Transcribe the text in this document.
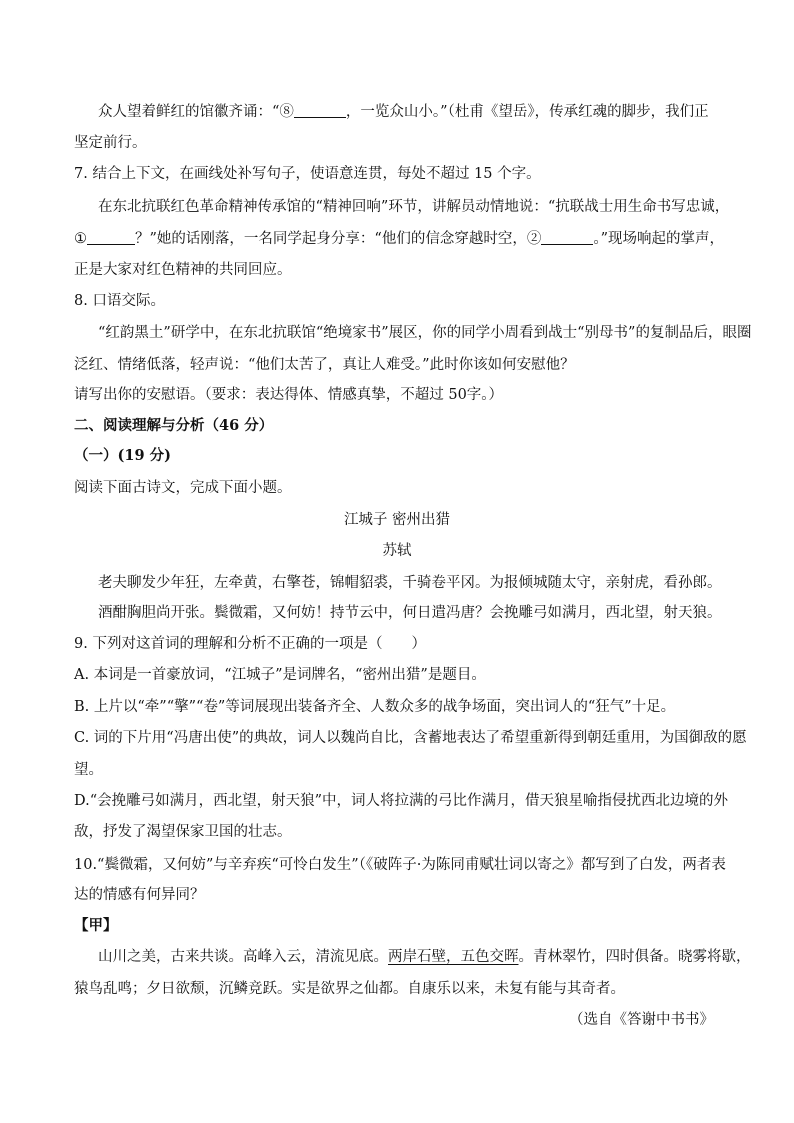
众人望着鲜红的馆徽齐诵：“⑧	，一览众山小。”（杜甫《望岳》，传承红魂的脚步，我们正
坚定前行。
7. 结合上下文，在画线处补写句子，使语意连贯，每处不超过 15 个字。
在东北抗联红色革命精神传承馆的“精神回响”环节，讲解员动情地说：“抗联战士用生命书写忠诚，
①	？”她的话刚落，一名同学起身分享：“他们的信念穿越时空，②	。”现场响起的掌声，
正是大家对红色精神的共同回应。
8. 口语交际。
“红韵黑土”研学中，在东北抗联馆“绝境家书”展区，你的同学小周看到战士“别母书”的复制品后，眼圈
泛红、情绪低落，轻声说：“他们太苦了，真让人难受。”此时你该如何安慰他？
请写出你的安慰语。（要求：表达得体、情感真挚，不超过 50字。）
二、阅读理解与分析（46 分）
（一）(19 分)
阅读下面古诗文，完成下面小题。
江城子 密州出猎
苏轼
老夫聊发少年狂，左牵黄，右擎苍，锦帽貂裘，千骑卷平冈。为报倾城随太守，亲射虎，看孙郎。
酒酣胸胆尚开张。鬓微霜，又何妨！持节云中，何日遣冯唐？会挽雕弓如满月，西北望，射天狼。
9. 下列对这首词的理解和分析不正确的一项是（　　）
A. 本词是一首豪放词，“江城子”是词牌名，“密州出猎”是题目。
B. 上片以“牵”“擎”“卷”等词展现出装备齐全、人数众多的战争场面，突出词人的“狂气”十足。
C. 词的下片用“冯唐出使”的典故，词人以魏尚自比，含蓄地表达了希望重新得到朝廷重用，为国御敌的愿
望。
D.“会挽雕弓如满月，西北望，射天狼”中，词人将拉满的弓比作满月，借天狼星喻指侵扰西北边境的外
敌，抒发了渴望保家卫国的壮志。
10.“鬓微霜，又何妨”与辛弃疾“可怜白发生”（《破阵子·为陈同甫赋壮词以寄之》都写到了白发，两者表
达的情感有何异同？
【甲】
山川之美，古来共谈。高峰入云，清流见底。两岸石壁，五色交晖。青林翠竹，四时俱备。晓雾将歇，
猿鸟乱鸣；夕日欲颓，沉鳞竞跃。实是欲界之仙都。自康乐以来，未复有能与其奇者。
（选自《答谢中书书》
